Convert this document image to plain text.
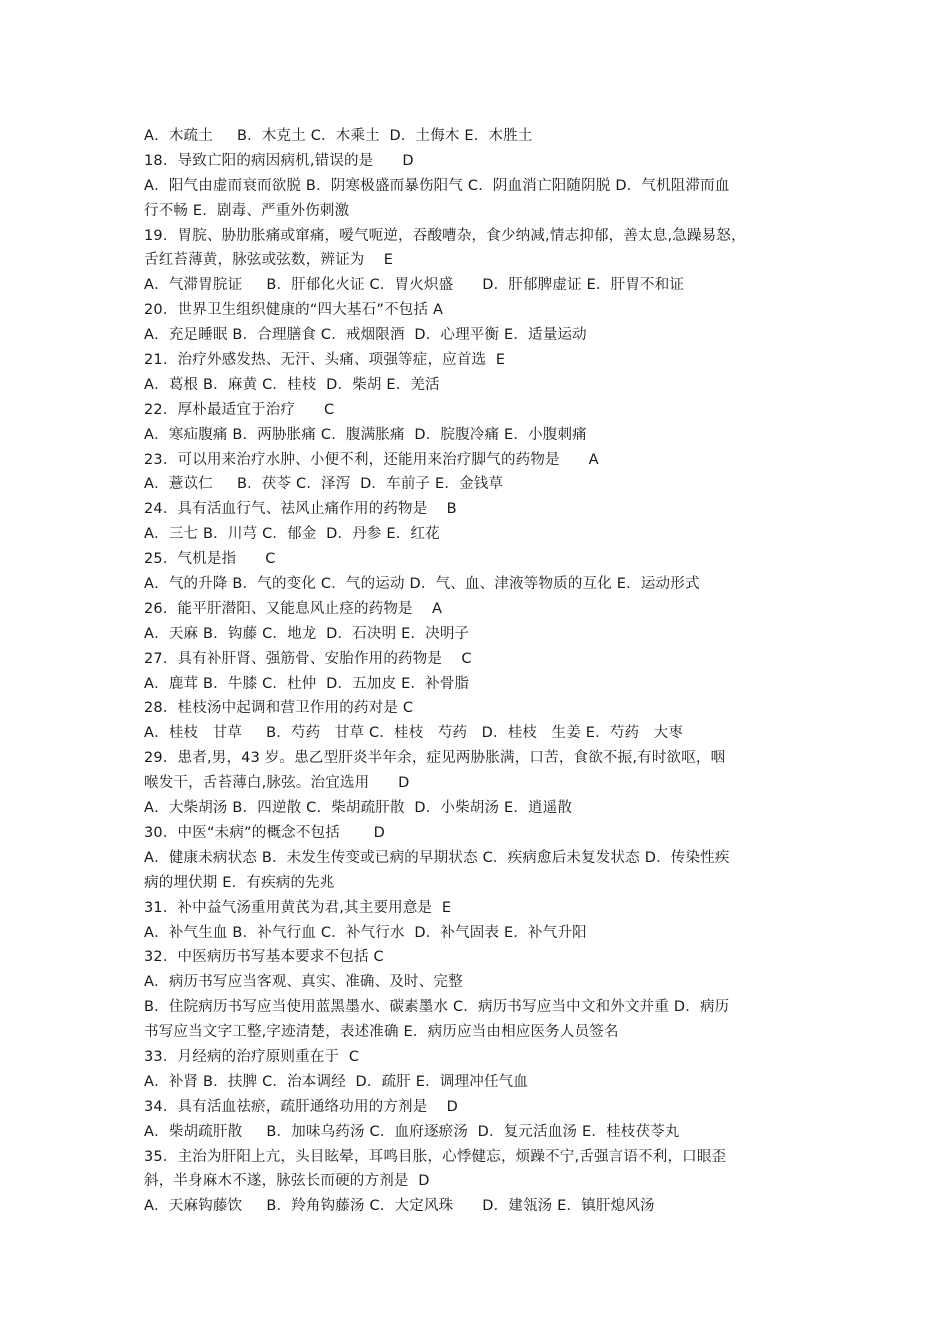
A．木疏土     B．木克土 C．木乘土  D．土侮木 E．木胜土
18．导致亡阳的病因病机,错误的是      D
A．阳气由虚而衰而欲脱 B．阴寒极盛而暴伤阳气 C．阴血消亡阳随阴脱 D．气机阻滞而血
行不畅 E．剧毒、严重外伤刺激
19．胃脘、胁肋胀痛或窜痛，嗳气呃逆，吞酸嘈杂，食少纳减,情志抑郁，善太息,急躁易怒，
舌红苔薄黄，脉弦或弦数，辨证为    E
A．气滞胃脘证     B．肝郁化火证 C．胃火炽盛      D．肝郁脾虚证 E．肝胃不和证
20．世界卫生组织健康的“四大基石”不包括 A
A．充足睡眠 B．合理膳食 C．戒烟限酒  D．心理平衡 E．适量运动
21．治疗外感发热、无汗、头痛、项强等症，应首选  E
A．葛根 B．麻黄 C．桂枝  D．柴胡 E．羌活
22．厚朴最适宜于治疗      C
A．寒疝腹痛 B．两胁胀痛 C．腹满胀痛  D．脘腹冷痛 E．小腹刺痛
23．可以用来治疗水肿、小便不利，还能用来治疗脚气的药物是      A
A．薏苡仁     B．茯苓 C．泽泻  D．车前子 E．金钱草
24．具有活血行气、祛风止痛作用的药物是    B
A．三七 B．川芎 C．郁金  D．丹参 E．红花
25．气机是指      C
A．气的升降 B．气的变化 C．气的运动 D．气、血、津液等物质的互化 E．运动形式
26．能平肝潜阳、又能息风止痉的药物是    A
A．天麻 B．钩藤 C．地龙  D．石决明 E．决明子
27．具有补肝肾、强筋骨、安胎作用的药物是    C
A．鹿茸 B．牛膝 C．杜仲  D．五加皮 E．补骨脂
28．桂枝汤中起调和营卫作用的药对是 C
A．桂枝   甘草     B．芍药   甘草 C．桂枝   芍药   D．桂枝   生姜 E．芍药   大枣
29．患者,男，43 岁。患乙型肝炎半年余，症见两胁胀满，口苦，食欲不振,有时欲呕，咽
喉发干，舌苔薄白,脉弦。治宜选用      D
A．大柴胡汤 B．四逆散 C．柴胡疏肝散  D．小柴胡汤 E．逍遥散
30．中医“未病”的概念不包括       D
A．健康未病状态 B．未发生传变或已病的早期状态 C．疾病愈后未复发状态 D．传染性疾
病的埋伏期 E．有疾病的先兆
31．补中益气汤重用黄芪为君,其主要用意是  E
A．补气生血 B．补气行血 C．补气行水  D．补气固表 E．补气升阳
32．中医病历书写基本要求不包括 C
A．病历书写应当客观、真实、准确、及时、完整
B．住院病历书写应当使用蓝黑墨水、碳素墨水 C．病历书写应当中文和外文并重 D．病历
书写应当文字工整,字迹清楚，表述准确 E．病历应当由相应医务人员签名
33．月经病的治疗原则重在于  C
A．补肾 B．扶脾 C．治本调经  D．疏肝 E．调理冲任气血
34．具有活血祛瘀，疏肝通络功用的方剂是    D
A．柴胡疏肝散     B．加味乌药汤 C．血府逐瘀汤  D．复元活血汤 E．桂枝茯苓丸
35．主治为肝阳上亢，头目眩晕，耳鸣目胀，心悸健忘，烦躁不宁,舌强言语不利，口眼歪
斜，半身麻木不遂，脉弦长而硬的方剂是  D
A．天麻钩藤饮     B．羚角钩藤汤 C．大定风珠      D．建瓴汤 E．镇肝熄风汤
